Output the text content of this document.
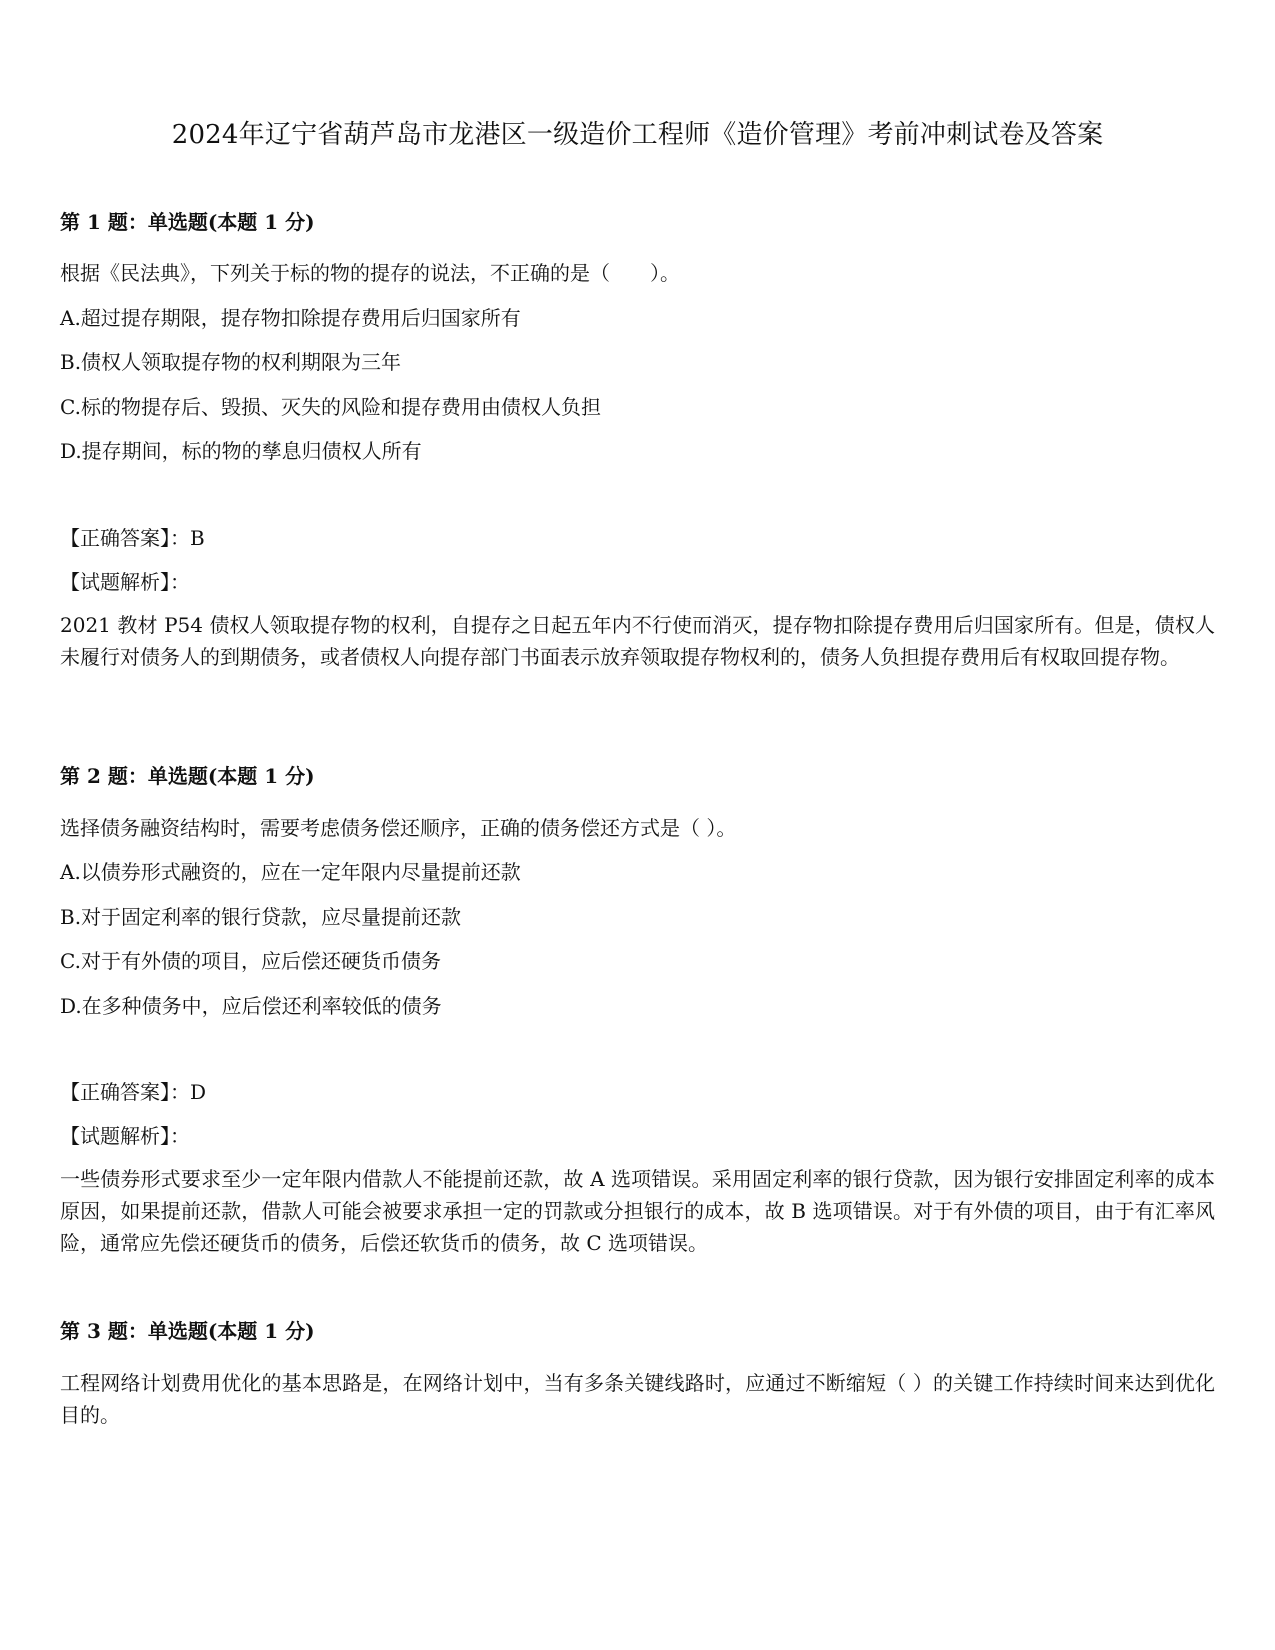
2024年辽宁省葫芦岛市龙港区一级造价工程师《造价管理》考前冲刺试卷及答案
第 1 题：单选题(本题 1 分)
根据《民法典》，下列关于标的物的提存的说法，不正确的是（　　）。
A.超过提存期限，提存物扣除提存费用后归国家所有
B.债权人领取提存物的权利期限为三年
C.标的物提存后、毁损、灭失的风险和提存费用由债权人负担
D.提存期间，标的物的孳息归债权人所有
【正确答案】：B
【试题解析】：
2021 教材 P54 债权人领取提存物的权利，自提存之日起五年内不行使而消灭，提存物扣除提存费用后归国家所有。但是，债权人未履行对债务人的到期债务，或者债权人向提存部门书面表示放弃领取提存物权利的，债务人负担提存费用后有权取回提存物。
第 2 题：单选题(本题 1 分)
选择债务融资结构时，需要考虑债务偿还顺序，正确的债务偿还方式是（ ）。
A.以债券形式融资的，应在一定年限内尽量提前还款
B.对于固定利率的银行贷款，应尽量提前还款
C.对于有外债的项目，应后偿还硬货币债务
D.在多种债务中，应后偿还利率较低的债务
【正确答案】：D
【试题解析】：
一些债券形式要求至少一定年限内借款人不能提前还款，故 A 选项错误。采用固定利率的银行贷款，因为银行安排固定利率的成本原因，如果提前还款，借款人可能会被要求承担一定的罚款或分担银行的成本，故 B 选项错误。对于有外债的项目，由于有汇率风险，通常应先偿还硬货币的债务，后偿还软货币的债务，故 C 选项错误。
第 3 题：单选题(本题 1 分)
工程网络计划费用优化的基本思路是，在网络计划中，当有多条关键线路时，应通过不断缩短（ ）的关键工作持续时间来达到优化目的。
